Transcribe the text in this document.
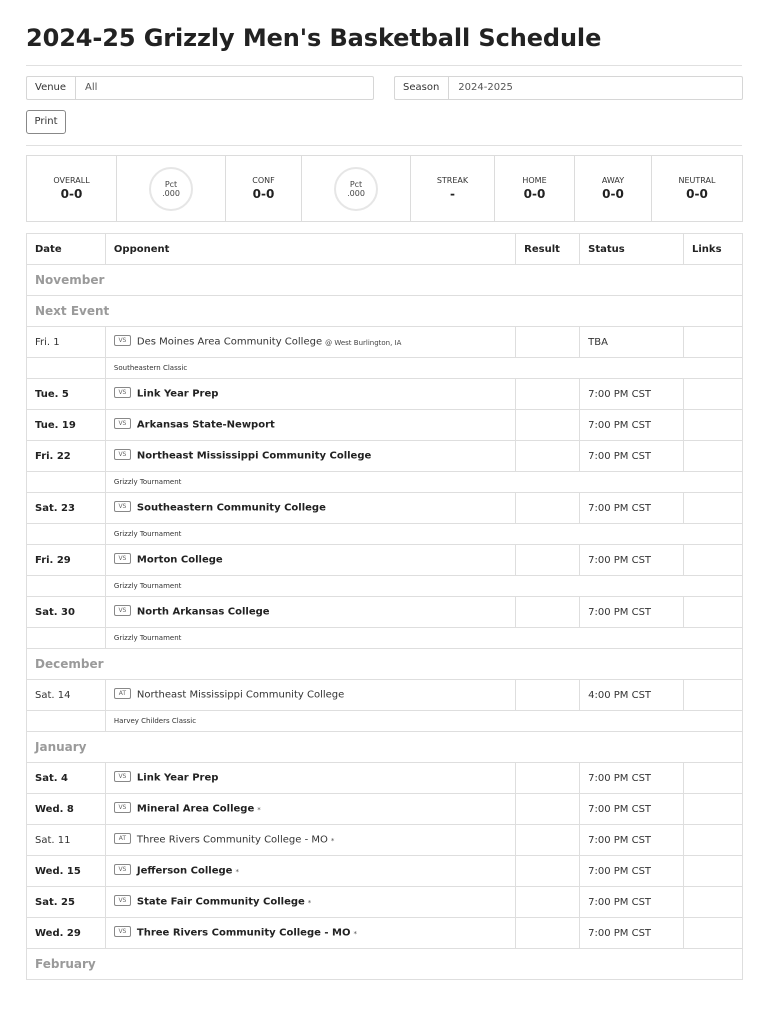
2024-25 Grizzly Men's Basketball Schedule
Venue	All	Season	2024-2025
Print
OVERALL
0-0
Pct
.000
CONF
0-0
Pct
.000
STREAK
-
HOME
0-0
AWAY
0-0
NEUTRAL
0-0
Date	Opponent	Result	Status	Links
November				
Next Event				
Fri. 1	VS Des Moines Area Community College @ West Burlington, IA		TBA	
	Southeastern Classic			
Tue. 5	VS Link Year Prep		7:00 PM CST	
Tue. 19	VS Arkansas State-Newport		7:00 PM CST	
Fri. 22	VS Northeast Mississippi Community College		7:00 PM CST	
	Grizzly Tournament			
Sat. 23	VS Southeastern Community College		7:00 PM CST	
	Grizzly Tournament			
Fri. 29	VS Morton College		7:00 PM CST	
	Grizzly Tournament			
Sat. 30	VS North Arkansas College		7:00 PM CST	
	Grizzly Tournament			
December				
Sat. 14	AT Northeast Mississippi Community College		4:00 PM CST	
	Harvey Childers Classic			
January				
Sat. 4	VS Link Year Prep		7:00 PM CST	
Wed. 8	VS Mineral Area College *		7:00 PM CST	
Sat. 11	AT Three Rivers Community College - MO *		7:00 PM CST	
Wed. 15	VS Jefferson College *		7:00 PM CST	
Sat. 25	VS State Fair Community College *		7:00 PM CST	
Wed. 29	VS Three Rivers Community College - MO *		7:00 PM CST	
February				
